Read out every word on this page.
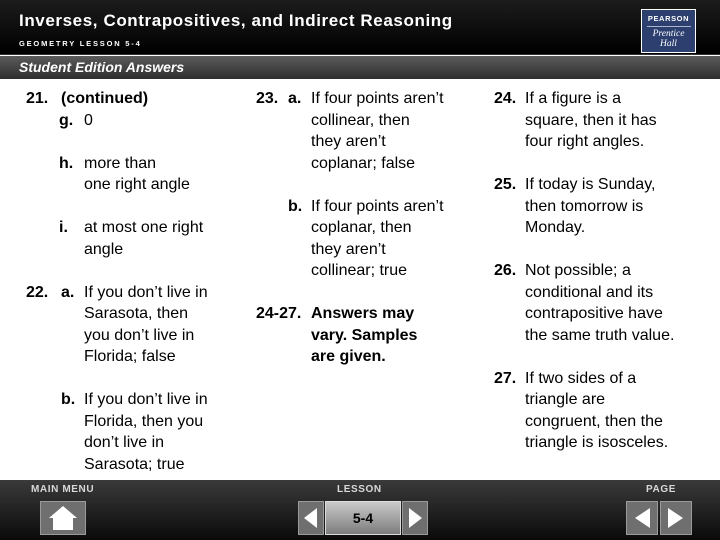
Inverses, Contrapositives, and Indirect Reasoning
GEOMETRY LESSON 5-4
PEARSON
Prentice
Hall
Student Edition Answers
21. (continued)
g. 0
h. more than
one right angle
i.	at most one right
angle
22. a. If you don’t live in
Sarasota, then
you don’t live in
Florida; false
b. If you don’t live in
Florida, then you
don’t live in
Sarasota; true
23. a. If four points aren’t
collinear, then
they aren’t
coplanar; false
b. If four points aren’t
coplanar, then
they aren’t
collinear; true
24-27. Answers may
vary. Samples
are given.
24. If a figure is a
square, then it has
four right angles.
25. If today is Sunday,
then tomorrow is
Monday.
26. Not possible; a
conditional and its
contrapositive have
the same truth value.
27. If two sides of a
triangle are
congruent, then the
triangle is isosceles.
MAIN MENU	LESSON	PAGE
5-4
